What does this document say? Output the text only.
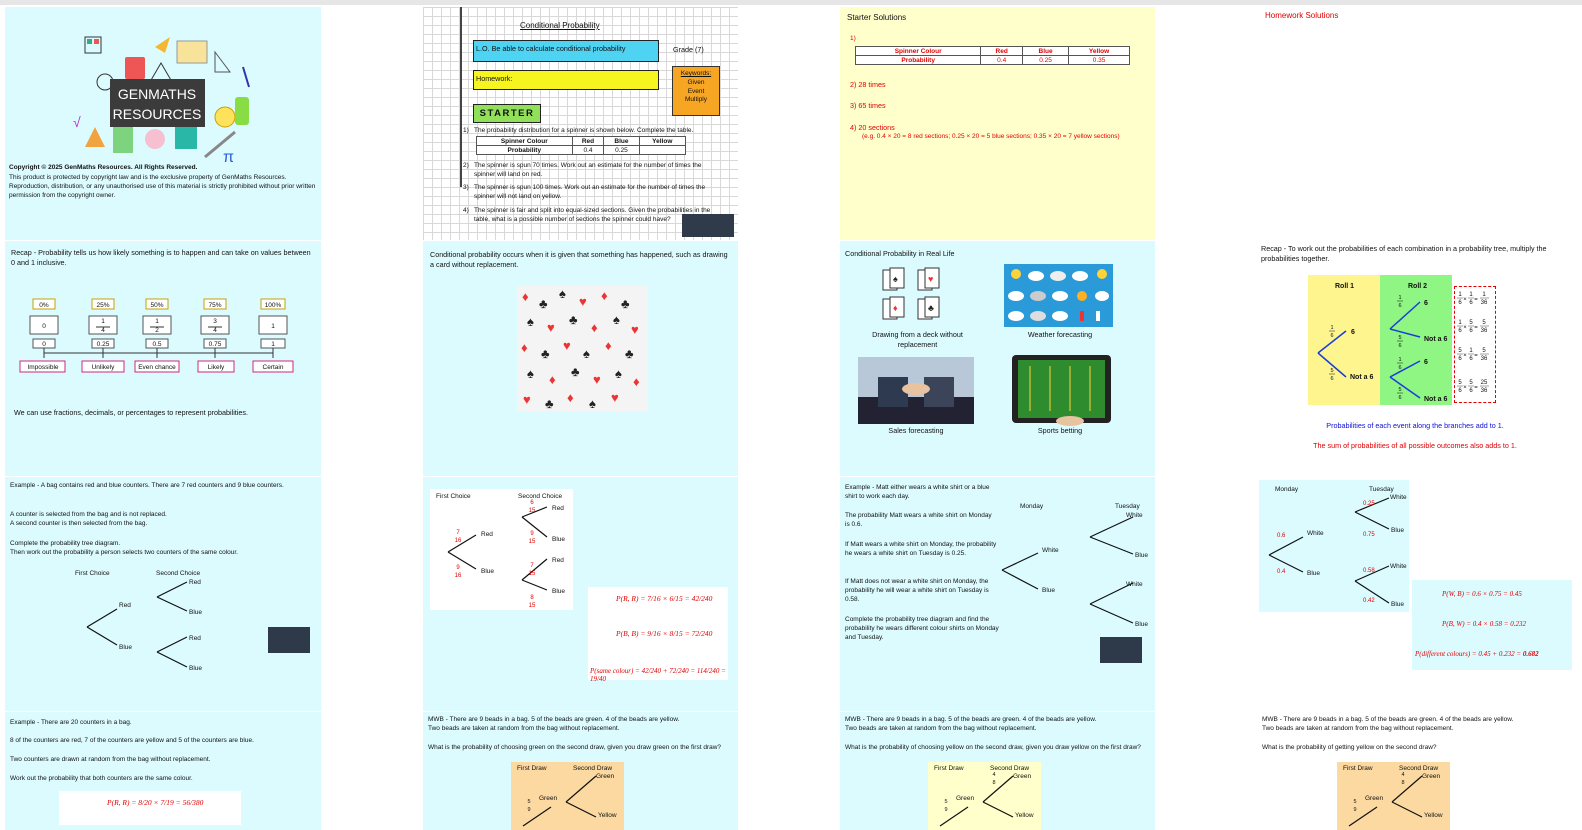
GENMATHS
RESOURCES
π
√
Copyright © 2025 GenMaths Resources. All Rights Reserved.
This product is protected by copyright law and is the exclusive property of GenMaths Resources. Reproduction, distribution, or any unauthorised use of this material is strictly prohibited without prior written permission from the copyright owner.
Conditional Probability
L.O. Be able to calculate conditional probability	Grade (7)
Homework:
Keywords:
Given
Event
Multiply
STARTER
1) The probability distribution for a spinner is shown below. Complete the table.
Spinner Colour	Red	Blue	Yellow
Probability	0.4	0.25	
2) The spinner is spun 70 times. Work out an estimate for the number of times the spinner will land on red.
3) The spinner is spun 100 times. Work out an estimate for the number of times the spinner will not land on yellow.
4) The spinner is fair and split into equal-sized sections. Given the probabilities in the table, what is a possible number of sections the spinner could have?
Starter Solutions
1)
Spinner Colour	Red	Blue	Yellow
Probability	0.4	0.25	0.35
2) 28 times
3) 65 times
4) 20 sections
(e.g. 0.4 × 20 = 8 red sections; 0.25 × 20 = 5 blue sections; 0.35 × 20 = 7 yellow sections)
Homework Solutions
Recap - Probability tells us how likely something is to happen and can take on values between 0 and 1 inclusive.
0%	25%	50%	75%	100%
0
1
4
1
2
3
4
1
0	0.25	0.5	0.75	1
Impossible	Unlikely	Even chance	Likely	Certain
We can use fractions, decimals, or percentages to represent probabilities.
Conditional probability occurs when it is given that something has happened, such as drawing a card without replacement.
♦ ♣
♠
♥ ♦
♣
♠ ♥
♣
♦
♠
♥
♦ ♣
♥
♠
♦
♣
♠ ♦
♣
♥ ♠
♦
♥ ♣ ♦ ♠ ♥
Conditional Probability in Real Life
♠	♥
♦	♣
Drawing from a deck without replacement
Weather forecasting
Sales forecasting	Sports betting
Recap - To work out the probabilities of each combination in a probability tree, multiply the probabilities together.
Roll 1	Roll 2
6
Not a 6
6
Not a 6
6
Not a 6
1
6
5
6
1
6
5
6
1
6
5
6
1
6 ×
1
6 =
1
36
1
6 ×
5
6 =
5
36
5
6 ×
1
6 =
5
36
5
6 ×
5
6 =
25
36
Probabilities of each event along the branches add to 1.
The sum of probabilities of all possible outcomes also adds to 1.
Example - A bag contains red and blue counters. There are 7 red counters and 9 blue counters.
A counter is selected from the bag and is not replaced.
A second counter is then selected from the bag.
Complete the probability tree diagram.
Then work out the probability a person selects two counters of the same colour.
First Choice	Second Choice
Red
Blue
Red
Blue
Red
Blue
First Choice	Second Choice
Red
Blue
Red
Blue
Red
Blue
7
16
9
16
6
15
9
15
7
15
8
15
P(R, R) = 7/16 × 6/15 = 42/240
P(B, B) = 9/16 × 8/15 = 72/240
P(same colour) = 42/240 + 72/240 = 114/240 = 19/40
Example - Matt either wears a white shirt or a blue shirt to work each day.
The probability Matt wears a white shirt on Monday is 0.6.
If Matt wears a white shirt on Monday, the probability he wears a white shirt on Tuesday is 0.25.
If Matt does not wear a white shirt on Monday, the probability he will wear a white shirt on Tuesday is 0.58.
Complete the probability tree diagram and find the probability he wears different colour shirts on Monday and Tuesday.
Monday	Tuesday
White
Blue
White
Blue
White
Blue
Monday	Tuesday
White
Blue
White
Blue
White
Blue
0.6
0.4
0.25
0.75
0.58
0.42
P(W, B) = 0.6 × 0.75 = 0.45
P(B, W) = 0.4 × 0.58 = 0.232
P(different colours) = 0.45 + 0.232 = 0.682
Example - There are 20 counters in a bag.
8 of the counters are red, 7 of the counters are yellow and 5 of the counters are blue.
Two counters are drawn at random from the bag without replacement.
Work out the probability that both counters are the same colour.
P(R, R) = 8/20 × 7/19 = 56/380
MWB - There are 9 beads in a bag. 5 of the beads are green. 4 of the beads are yellow.
Two beads are taken at random from the bag without replacement.
What is the probability of choosing green on the second draw, given you draw green on the first draw?
First Draw	Second Draw
Green
Green
Yellow
5
9
MWB - There are 9 beads in a bag. 5 of the beads are green. 4 of the beads are yellow.
Two beads are taken at random from the bag without replacement.
What is the probability of choosing yellow on the second draw, given you draw yellow on the first draw?
First Draw	Second Draw
Green
Green
Yellow
5
9
4
8
MWB - There are 9 beads in a bag. 5 of the beads are green. 4 of the beads are yellow.
Two beads are taken at random from the bag without replacement.
What is the probability of getting yellow on the second draw?
First Draw	Second Draw
Green
Green
Yellow
5
9
4
8
